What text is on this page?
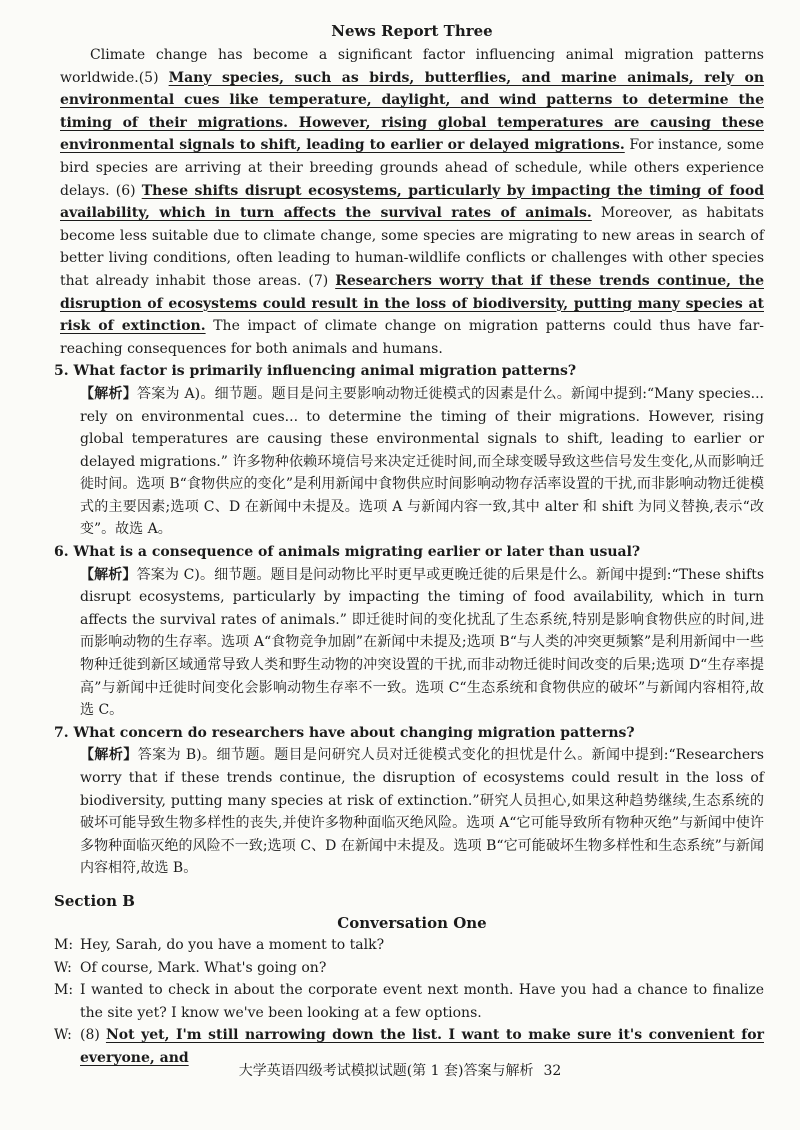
News Report Three

Climate change has become a significant factor influencing animal migration patterns worldwide.(5) Many species, such as birds, butterflies, and marine animals, rely on environmental cues like temperature, daylight, and wind patterns to determine the timing of their migrations. However, rising global temperatures are causing these environmental signals to shift, leading to earlier or delayed migrations. For instance, some bird species are arriving at their breeding grounds ahead of schedule, while others experience delays. (6) These shifts disrupt ecosystems, particularly by impacting the timing of food availability, which in turn affects the survival rates of animals. Moreover, as habitats become less suitable due to climate change, some species are migrating to new areas in search of better living conditions, often leading to human-wildlife conflicts or challenges with other species that already inhabit those areas. (7) Researchers worry that if these trends continue, the disruption of ecosystems could result in the loss of biodiversity, putting many species at risk of extinction. The impact of climate change on migration patterns could thus have far-reaching consequences for both animals and humans.

5. What factor is primarily influencing animal migration patterns?

【解析】答案为 A)。细节题。题目是问主要影响动物迁徙模式的因素是什么。新闻中提到:“Many species... rely on environmental cues... to determine the timing of their migrations. However, rising global temperatures are causing these environmental signals to shift, leading to earlier or delayed migrations.” 许多物种依赖环境信号来决定迁徙时间,而全球变暖导致这些信号发生变化,从而影响迁徙时间。选项 B“食物供应的变化”是利用新闻中食物供应时间影响动物存活率设置的干扰,而非影响动物迁徙模式的主要因素;选项 C、D 在新闻中未提及。选项 A 与新闻内容一致,其中 alter 和 shift 为同义替换,表示“改变”。故选 A。

6. What is a consequence of animals migrating earlier or later than usual?

【解析】答案为 C)。细节题。题目是问动物比平时更早或更晚迁徙的后果是什么。新闻中提到:“These shifts disrupt ecosystems, particularly by impacting the timing of food availability, which in turn affects the survival rates of animals.” 即迁徙时间的变化扰乱了生态系统,特别是影响食物供应的时间,进而影响动物的生存率。选项 A“食物竞争加剧”在新闻中未提及;选项 B“与人类的冲突更频繁”是利用新闻中一些物种迁徙到新区域通常导致人类和野生动物的冲突设置的干扰,而非动物迁徙时间改变的后果;选项 D“生存率提高”与新闻中迁徙时间变化会影响动物生存率不一致。选项 C“生态系统和食物供应的破坏”与新闻内容相符,故选 C。

7. What concern do researchers have about changing migration patterns?

【解析】答案为 B)。细节题。题目是问研究人员对迁徙模式变化的担忧是什么。新闻中提到:“Researchers worry that if these trends continue, the disruption of ecosystems could result in the loss of biodiversity, putting many species at risk of extinction.”研究人员担心,如果这种趋势继续,生态系统的破坏可能导致生物多样性的丧失,并使许多物种面临灭绝风险。选项 A“它可能导致所有物种灭绝”与新闻中使许多物种面临灭绝的风险不一致;选项 C、D 在新闻中未提及。选项 B“它可能破坏生物多样性和生态系统”与新闻内容相符,故选 B。

Section B
Conversation One
M: Hey, Sarah, do you have a moment to talk?
W: Of course, Mark. What's going on?
M: I wanted to check in about the corporate event next month. Have you had a chance to finalize the site yet? I know we've been looking at a few options.
W: (8) Not yet, I'm still narrowing down the list. I want to make sure it's convenient for everyone, and
大学英语四级考试模拟试题(第 1 套)答案与解析 32
